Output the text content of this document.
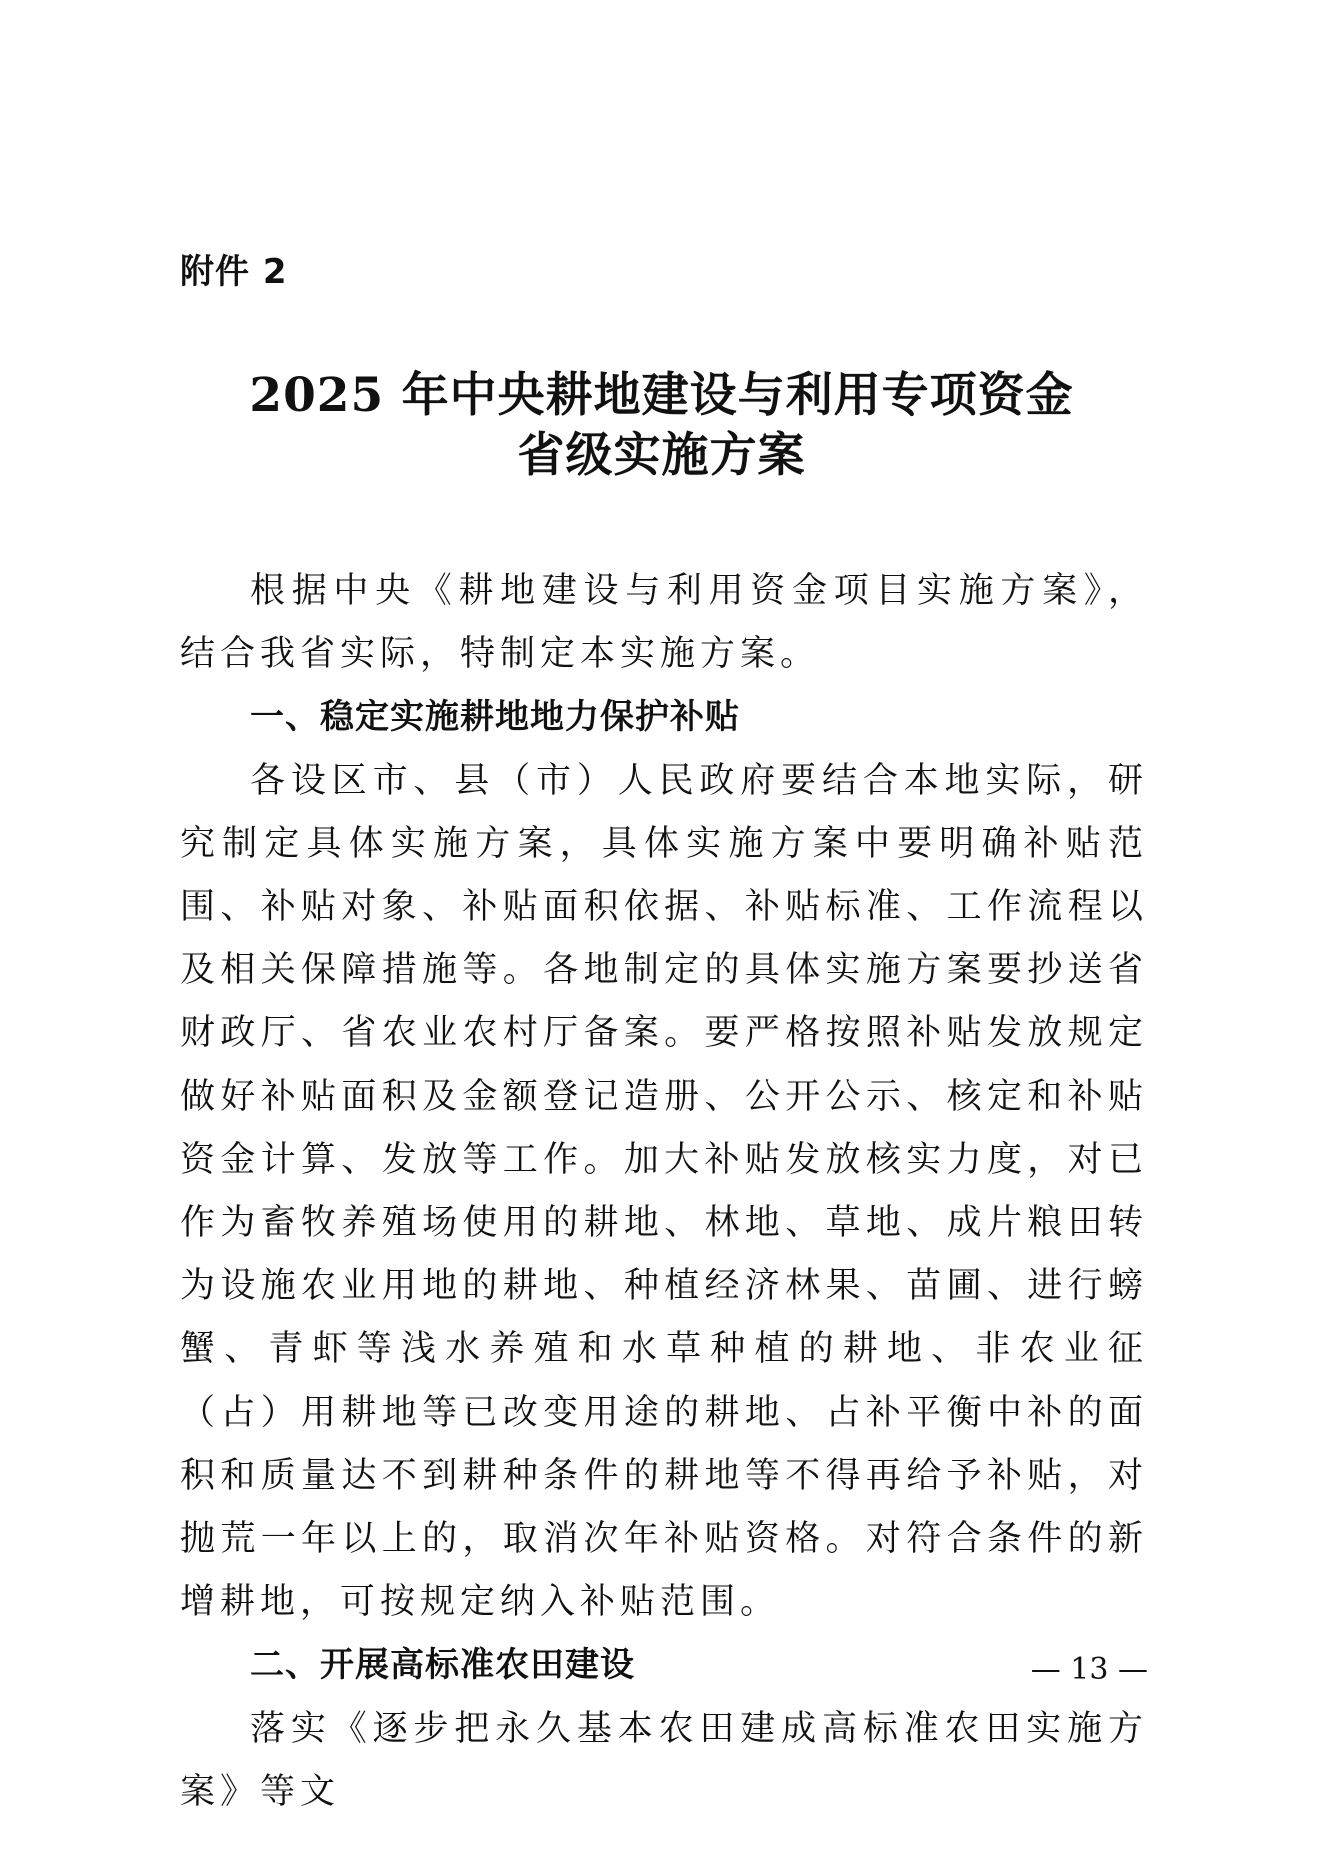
附件 2
2025 年中央耕地建设与利用专项资金
省级实施方案

根据中央《耕地建设与利用资金项目实施方案》，结合我省实际，特制定本实施方案。

一、稳定实施耕地地力保护补贴

各设区市、县（市）人民政府要结合本地实际，研究制定具体实施方案，具体实施方案中要明确补贴范围、补贴对象、补贴面积依据、补贴标准、工作流程以及相关保障措施等。各地制定的具体实施方案要抄送省财政厅、省农业农村厅备案。要严格按照补贴发放规定做好补贴面积及金额登记造册、公开公示、核定和补贴资金计算、发放等工作。加大补贴发放核实力度，对已作为畜牧养殖场使用的耕地、林地、草地、成片粮田转为设施农业用地的耕地、种植经济林果、苗圃、进行螃蟹、青虾等浅水养殖和水草种植的耕地、非农业征（占）用耕地等已改变用途的耕地、占补平衡中补的面积和质量达不到耕种条件的耕地等不得再给予补贴，对抛荒一年以上的，取消次年补贴资格。对符合条件的新增耕地，可按规定纳入补贴范围。

二、开展高标准农田建设

落实《逐步把永久基本农田建成高标准农田实施方案》等文

— 13 —
